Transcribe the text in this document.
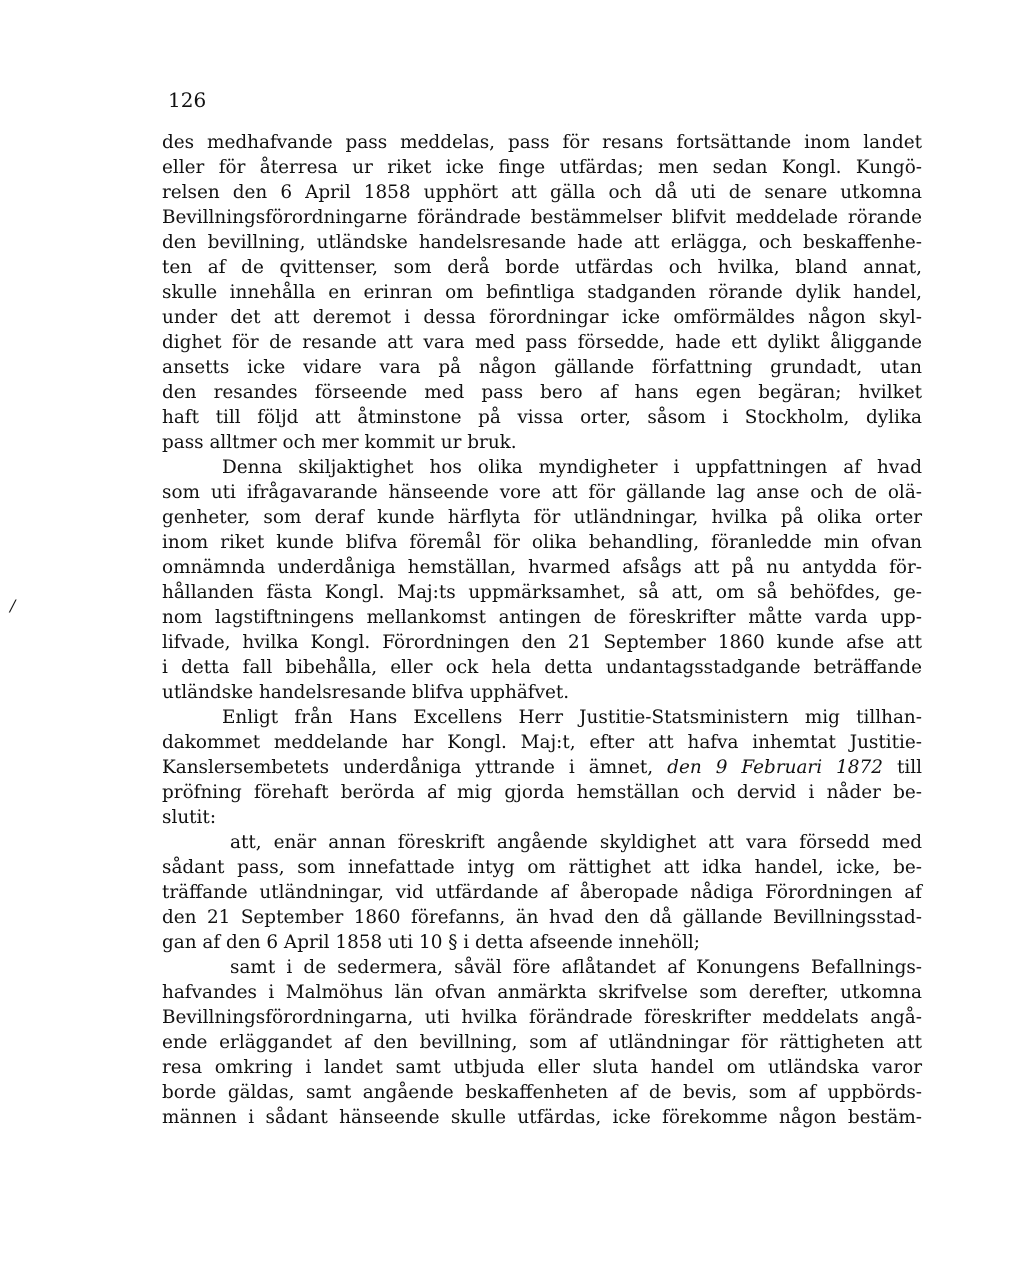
126
/
des medhafvande pass meddelas, pass för resans fortsättande inom landet
eller för återresa ur riket icke finge utfärdas; men sedan Kongl. Kungö-
relsen den 6 April 1858 upphört att gälla och då uti de senare utkomna
Bevillningsförordningarne förändrade bestämmelser blifvit meddelade rörande
den bevillning, utländske handelsresande hade att erlägga, och beskaffenhe-
ten af de qvittenser, som derå borde utfärdas och hvilka, bland annat,
skulle innehålla en erinran om befintliga stadganden rörande dylik handel,
under det att deremot i dessa förordningar icke omförmäldes någon skyl-
dighet för de resande att vara med pass försedde, hade ett dylikt åliggande
ansetts icke vidare vara på någon gällande författning grundadt, utan
den resandes förseende med pass bero af hans egen begäran; hvilket
haft till följd att åtminstone på vissa orter, såsom i Stockholm, dylika
pass alltmer och mer kommit ur bruk.
Denna skiljaktighet hos olika myndigheter i uppfattningen af hvad
som uti ifrågavarande hänseende vore att för gällande lag anse och de olä-
genheter, som deraf kunde härflyta för utländningar, hvilka på olika orter
inom riket kunde blifva föremål för olika behandling, föranledde min ofvan
omnämnda underdåniga hemställan, hvarmed afsågs att på nu antydda för-
hållanden fästa Kongl. Maj:ts uppmärksamhet, så att, om så behöfdes, ge-
nom lagstiftningens mellankomst antingen de föreskrifter måtte varda upp-
lifvade, hvilka Kongl. Förordningen den 21 September 1860 kunde afse att
i detta fall bibehålla, eller ock hela detta undantagsstadgande beträffande
utländske handelsresande blifva upphäfvet.
Enligt från Hans Excellens Herr Justitie-Statsministern mig tillhan-
dakommet meddelande har Kongl. Maj:t, efter att hafva inhemtat Justitie-
Kanslersembetets underdåniga yttrande i ämnet, den 9 Februari 1872 till
pröfning förehaft berörda af mig gjorda hemställan och dervid i nåder be-
slutit:
att, enär annan föreskrift angående skyldighet att vara försedd med
sådant pass, som innefattade intyg om rättighet att idka handel, icke, be-
träffande utländningar, vid utfärdande af åberopade nådiga Förordningen af
den 21 September 1860 förefanns, än hvad den då gällande Bevillningsstad-
gan af den 6 April 1858 uti 10 § i detta afseende innehöll;
samt i de sedermera, såväl före aflåtandet af Konungens Befallnings-
hafvandes i Malmöhus län ofvan anmärkta skrifvelse som derefter, utkomna
Bevillningsförordningarna, uti hvilka förändrade föreskrifter meddelats angå-
ende erläggandet af den bevillning, som af utländningar för rättigheten att
resa omkring i landet samt utbjuda eller sluta handel om utländska varor
borde gäldas, samt angående beskaffenheten af de bevis, som af uppbörds-
männen i sådant hänseende skulle utfärdas, icke förekomme någon bestäm-
